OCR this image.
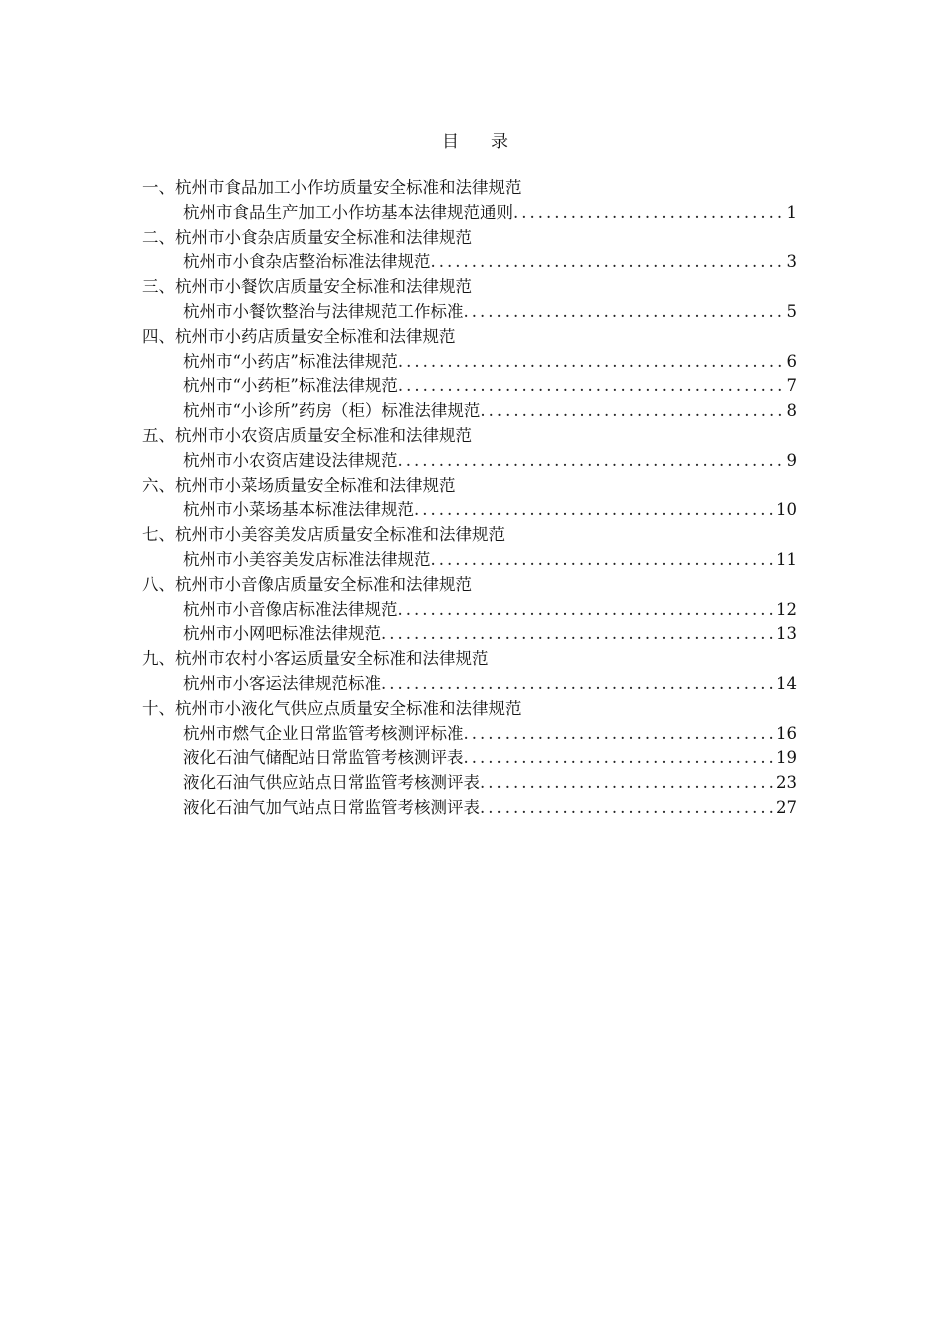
目 录
一、杭州市食品加工小作坊质量安全标准和法律规范
杭州市食品生产加工小作坊基本法律规范通则 .....	1
二、杭州市小食杂店质量安全标准和法律规范
杭州市小食杂店整治标准法律规范 .....	3
三、杭州市小餐饮店质量安全标准和法律规范
杭州市小餐饮整治与法律规范工作标准 .....	5
四、杭州市小药店质量安全标准和法律规范
杭州市“小药店”标准法律规范 .....	6
杭州市“小药柜”标准法律规范 .....	7
杭州市“小诊所”药房（柜）标准法律规范 .....	8
五、杭州市小农资店质量安全标准和法律规范
杭州市小农资店建设法律规范 .....	9
六、杭州市小菜场质量安全标准和法律规范
杭州市小菜场基本标准法律规范 .....	10
七、杭州市小美容美发店质量安全标准和法律规范
杭州市小美容美发店标准法律规范 .....	11
八、杭州市小音像店质量安全标准和法律规范
杭州市小音像店标准法律规范 .....	12
杭州市小网吧标准法律规范 .....	13
九、杭州市农村小客运质量安全标准和法律规范
杭州市小客运法律规范标准 .....	14
十、杭州市小液化气供应点质量安全标准和法律规范
杭州市燃气企业日常监管考核测评标准 .....	16
液化石油气储配站日常监管考核测评表 .....	19
液化石油气供应站点日常监管考核测评表 .....	23
液化石油气加气站点日常监管考核测评表 .....	27
